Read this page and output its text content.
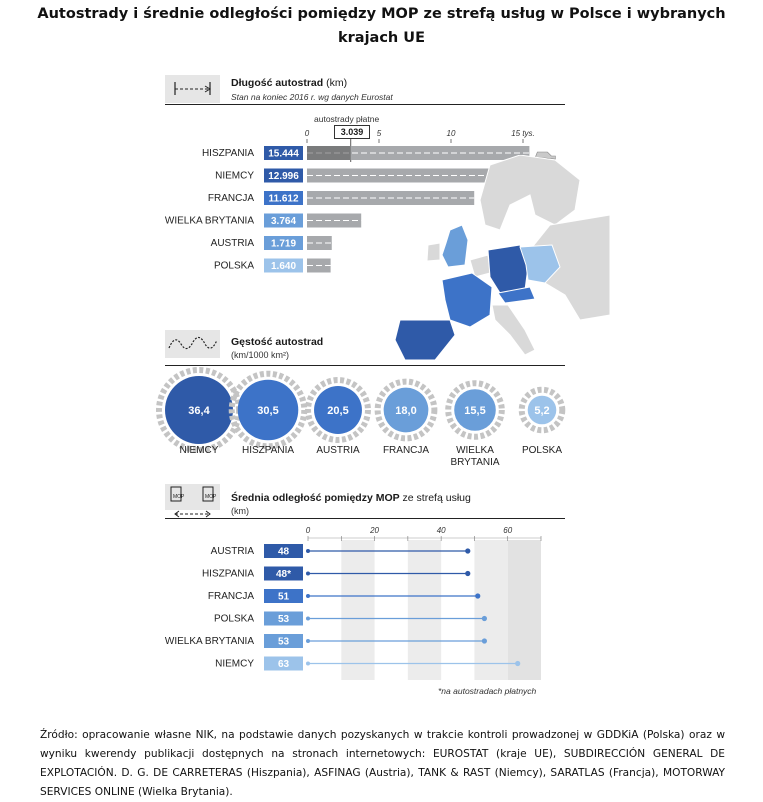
Autostrady i średnie odległości pomiędzy MOP ze strefą usług w Polsce i wybranych
krajach UE
Długość autostrad (km)
Stan na koniec 2016 r. wg danych Eurostat
autostrady płatne
3.039
0	5	10	15 tys.
HISZPANIA 15.444
NIEMCY 12.996
FRANCJA 11.612
WIELKA BRYTANIA 3.764
AUSTRIA 1.719
POLSKA 1.640
Gęstość autostrad
(km/1000 km²)
36,4
NIEMCY
30,5
HISZPANIA
20,5
AUSTRIA
18,0
FRANCJA
15,5
WIELKA
BRYTANIA
5,2
POLSKA
MOP	MOP Średnia odległość pomiędzy MOP ze strefą usług
(km)
0	20	40	60
AUSTRIA 48
HISZPANIA 48*
FRANCJA 51
POLSKA 53
WIELKA BRYTANIA 53
NIEMCY 63
*na autostradach płatnych
Źródło: opracowanie własne NIK, na podstawie danych pozyskanych w trakcie kontroli prowadzonej w GDDKiA (Polska) oraz w wyniku kwerendy publikacji dostępnych na stronach internetowych: EUROSTAT (kraje UE), SUBDIRECCIÓN GENERAL DE EXPLOTACIÓN. D. G. DE CARRETERAS (Hiszpania), ASFINAG (Austria), TANK & RAST (Niemcy), SARATLAS (Francja), MOTORWAY SERVICES ONLINE (Wielka Brytania).
